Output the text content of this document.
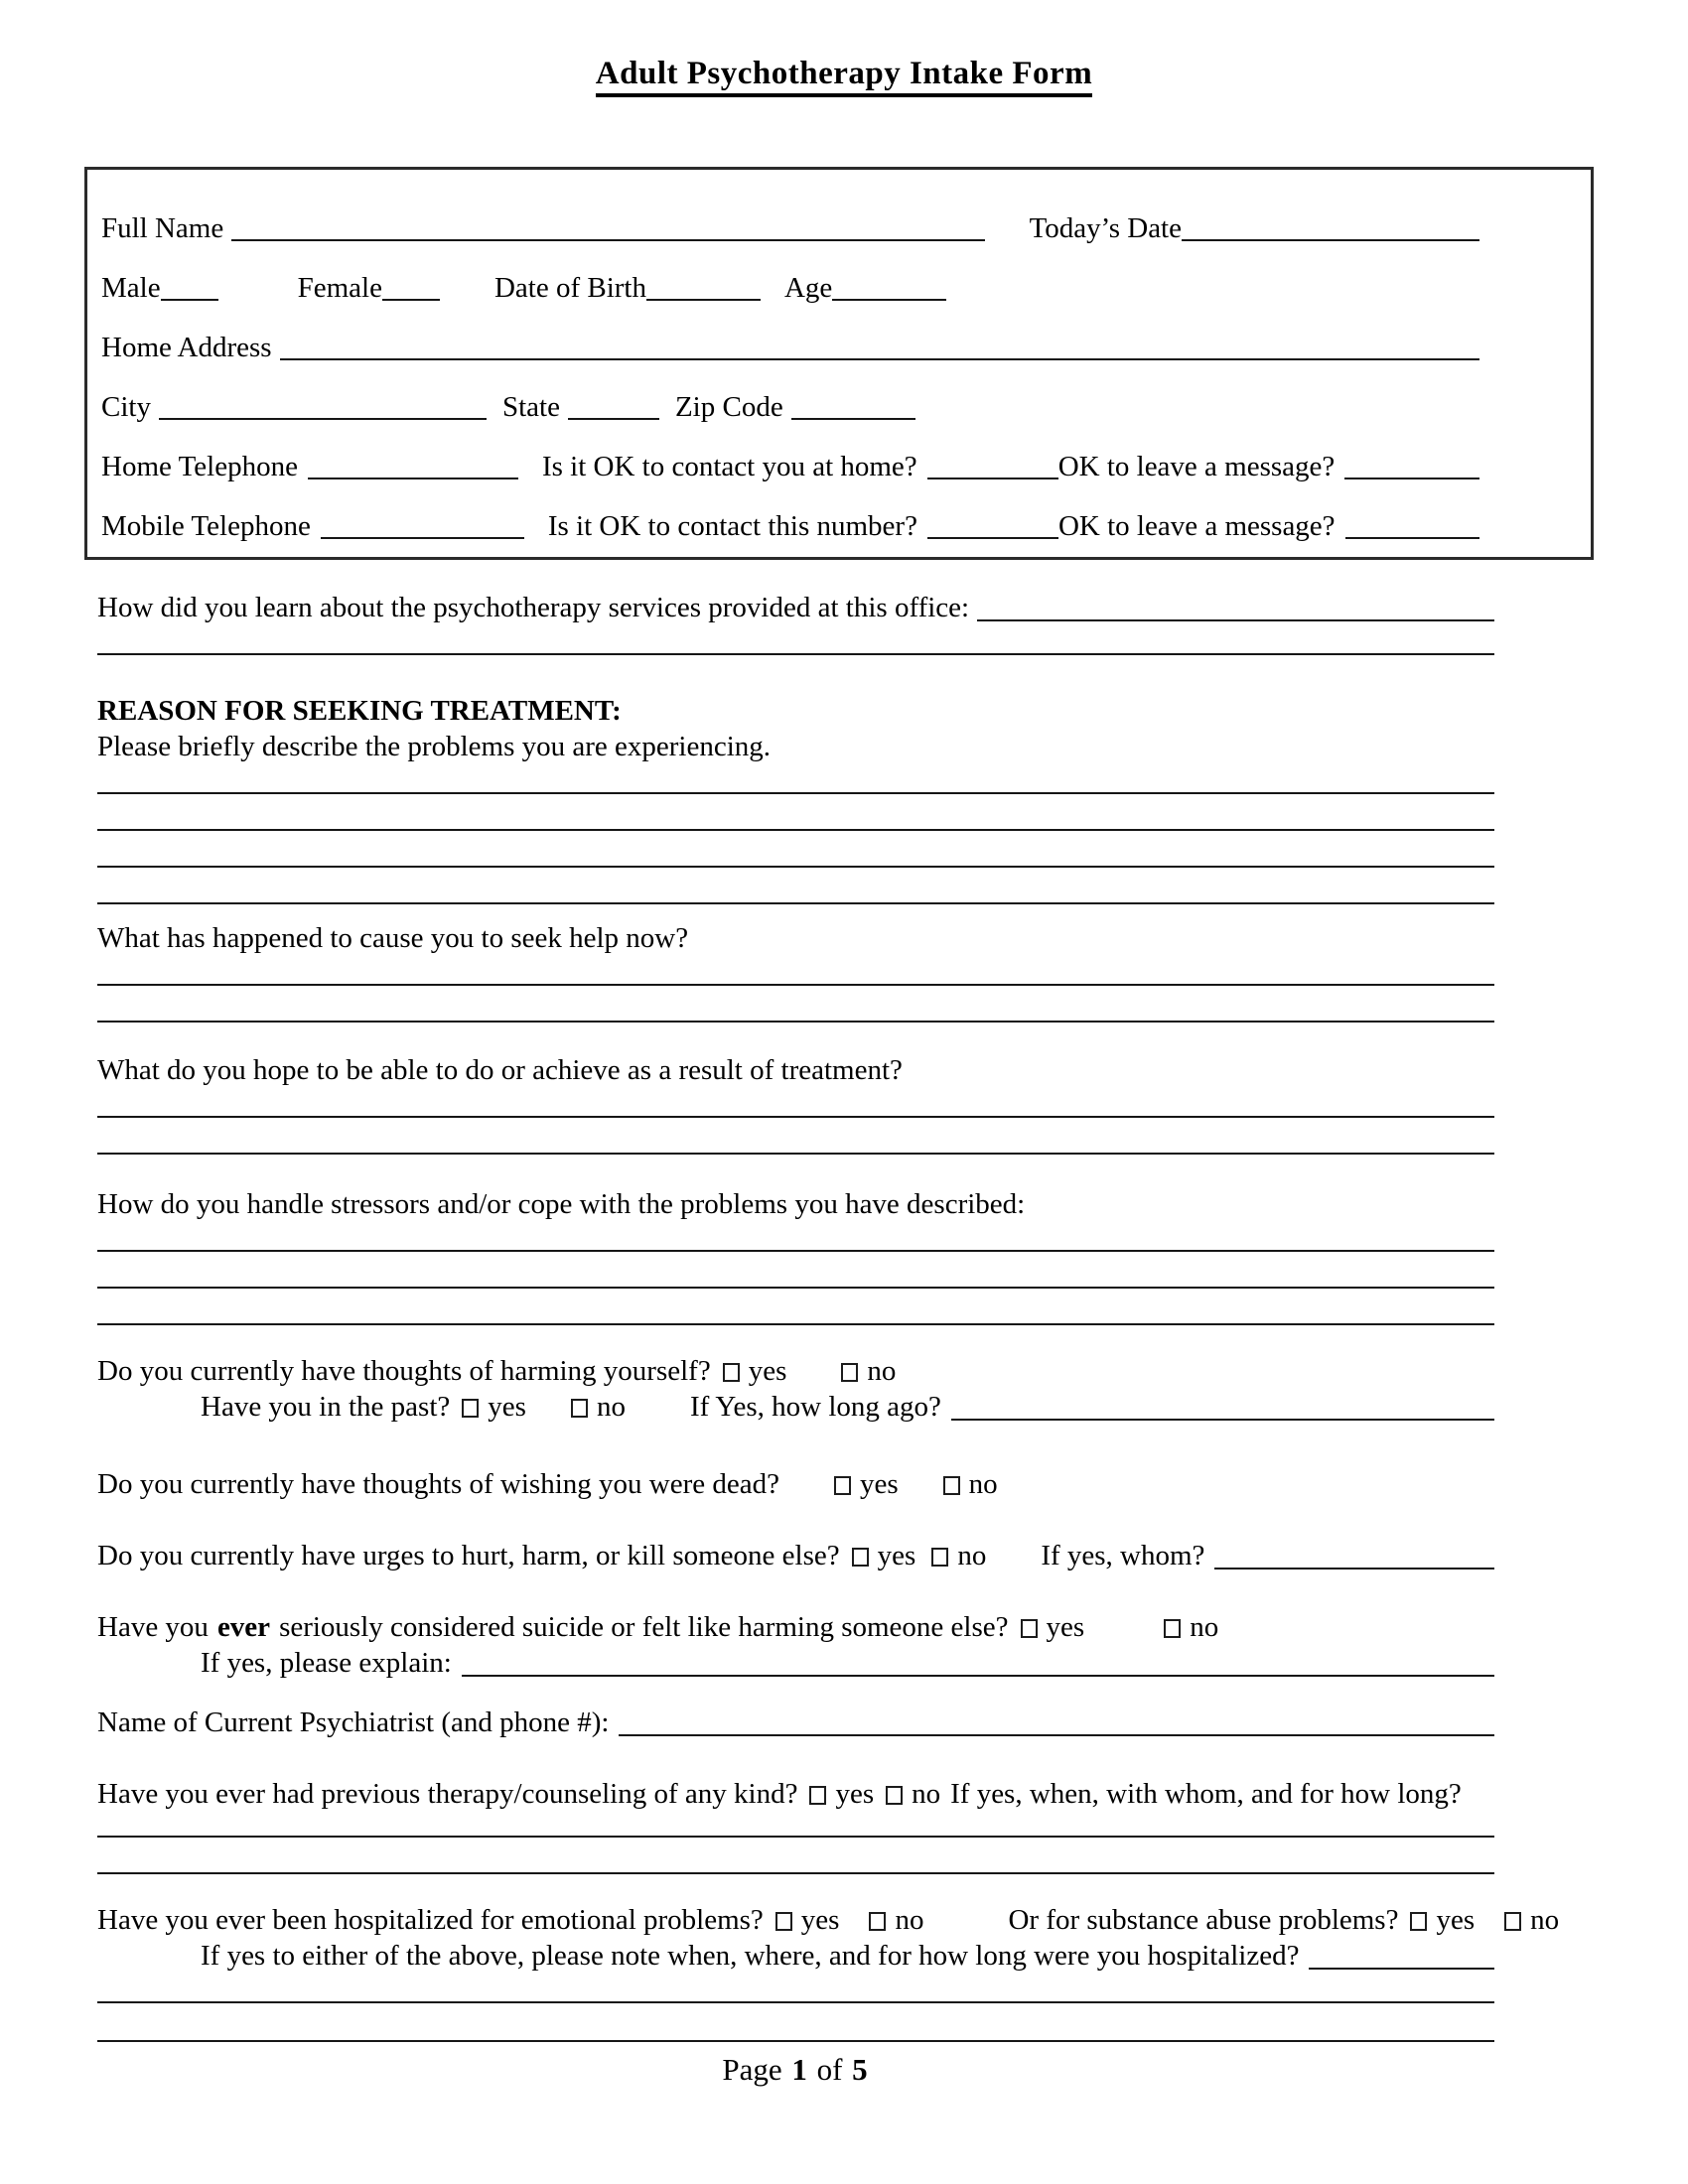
Adult Psychotherapy Intake Form
Full Name	Today’s Date
Male	Female	Date of Birth	Age
Home Address
City	State	Zip Code
Home Telephone	Is it OK to contact you at home?	OK to leave a message?
Mobile Telephone	Is it OK to contact this number?	OK to leave a message?
How did you learn about the psychotherapy services provided at this office:
REASON FOR SEEKING TREATMENT:
Please briefly describe the problems you are experiencing.
What has happened to cause you to seek help now?
What do you hope to be able to do or achieve as a result of treatment?
How do you handle stressors and/or cope with the problems you have described:
Do you currently have thoughts of harming yourself? yes	no
Have you in the past? yes no If Yes, how long ago?
Do you currently have thoughts of wishing you were dead?	yes no
Do you currently have urges to hurt, harm, or kill someone else? yes no If yes, whom?
Have you ever seriously considered suicide or felt like harming someone else? yes	no
If yes, please explain:
Name of Current Psychiatrist (and phone #):
Have you ever had previous therapy/counseling of any kind? yes no If yes, when, with whom, and for how long?
Have you ever been hospitalized for emotional problems? yes no	Or for substance abuse problems? yes no
If yes to either of the above, please note when, where, and for how long were you hospitalized?
Page 1 of 5
